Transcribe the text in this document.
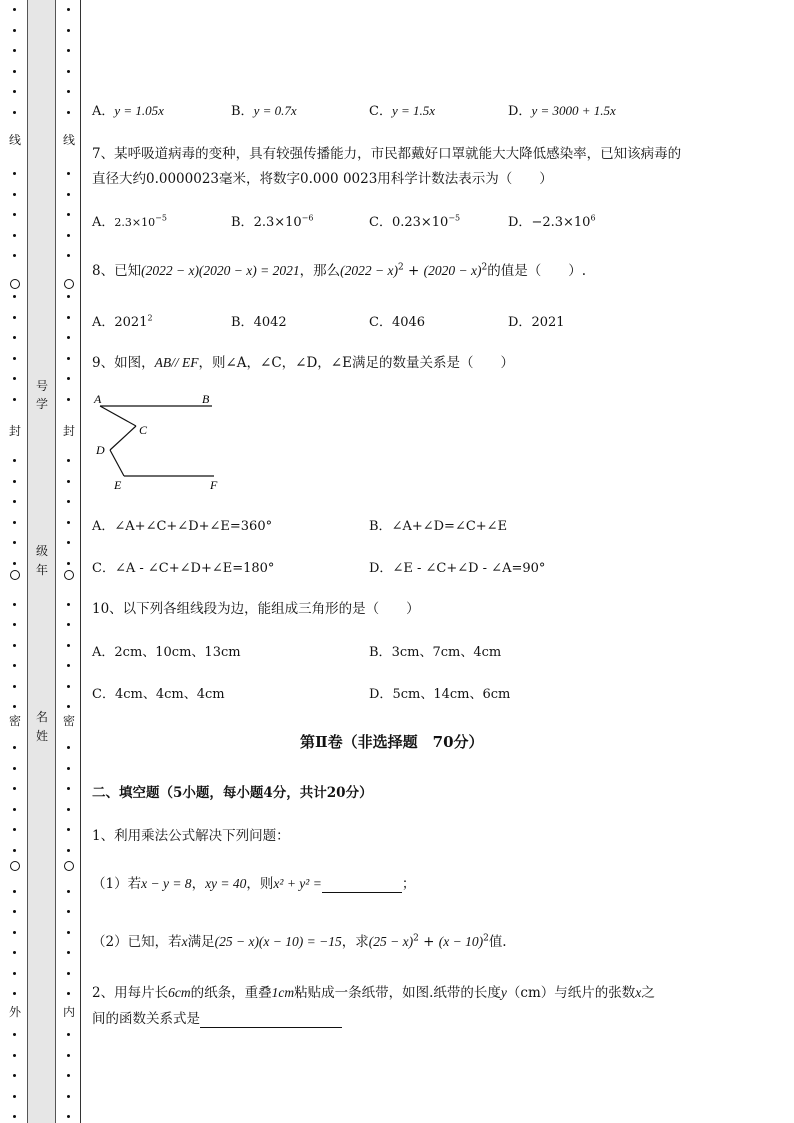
线
封
密
外
线
封
密
内
号
学
级
年
名
姓
A．y = 1.05x	B．y = 0.7x	C．y = 1.5x	D．y = 3000 + 1.5x
7、某呼吸道病毒的变种，具有较强传播能力，市民都戴好口罩就能大大降低感染率，已知该病毒的
直径大约0.0000023毫米，将数字0.000 0023用科学计数法表示为（　　）
A．$2.3\times 10^{-5}$	B．$2.3\times 10^{-6}$	C．$0.23\times 10^{-5}$	D．$-2.3\times 10^6$
8、已知(2022 − x)(2020 − x) = 2021，那么$(2022 - x)^2 + (2020 - x)^2$的值是（　　）.
A．2021$^2$	B．4042	C．4046	D．2021
9、如图，AB// EF，则∠A，∠C，∠D，∠E满足的数量关系是（　　）
A	B
C
D
E	F
A．∠A+∠C+∠D+∠E=360°	B．∠A+∠D=∠C+∠E
C．∠A - ∠C+∠D+∠E=180°	D．∠E - ∠C+∠D - ∠A=90°
10、以下列各组线段为边，能组成三角形的是（　　）
A．2cm、10cm、13cm	B．3cm、7cm、4cm
C．4cm、4cm、4cm	D．5cm、14cm、6cm
第Ⅱ卷（非选择题　70分）
二、填空题（5小题，每小题4分，共计20分）
1、利用乘法公式解决下列问题：
（1）若x − y = 8，xy = 40，则x² + y² =	；
（2）已知，若x满足(25 − x)(x − 10) = −15，求$(25 - x)^2 + (x - 10)^2$值.
2、用每片长6cm的纸条，重叠1cm粘贴成一条纸带，如图.纸带的长度y（cm）与纸片的张数x之
间的函数关系式是
